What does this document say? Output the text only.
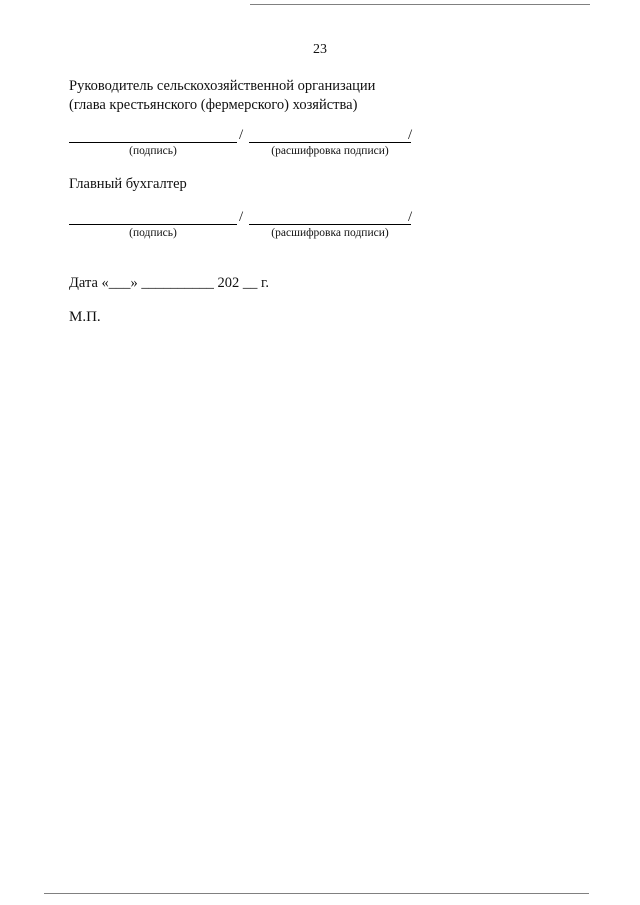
23
Руководитель сельскохозяйственной организации
(глава крестьянского (фермерского) хозяйства)
/	/
(подпись)	(расшифровка подписи)
Главный бухгалтер
/	/
(подпись)	(расшифровка подписи)
Дата «___» __________ 202 __ г.
М.П.
